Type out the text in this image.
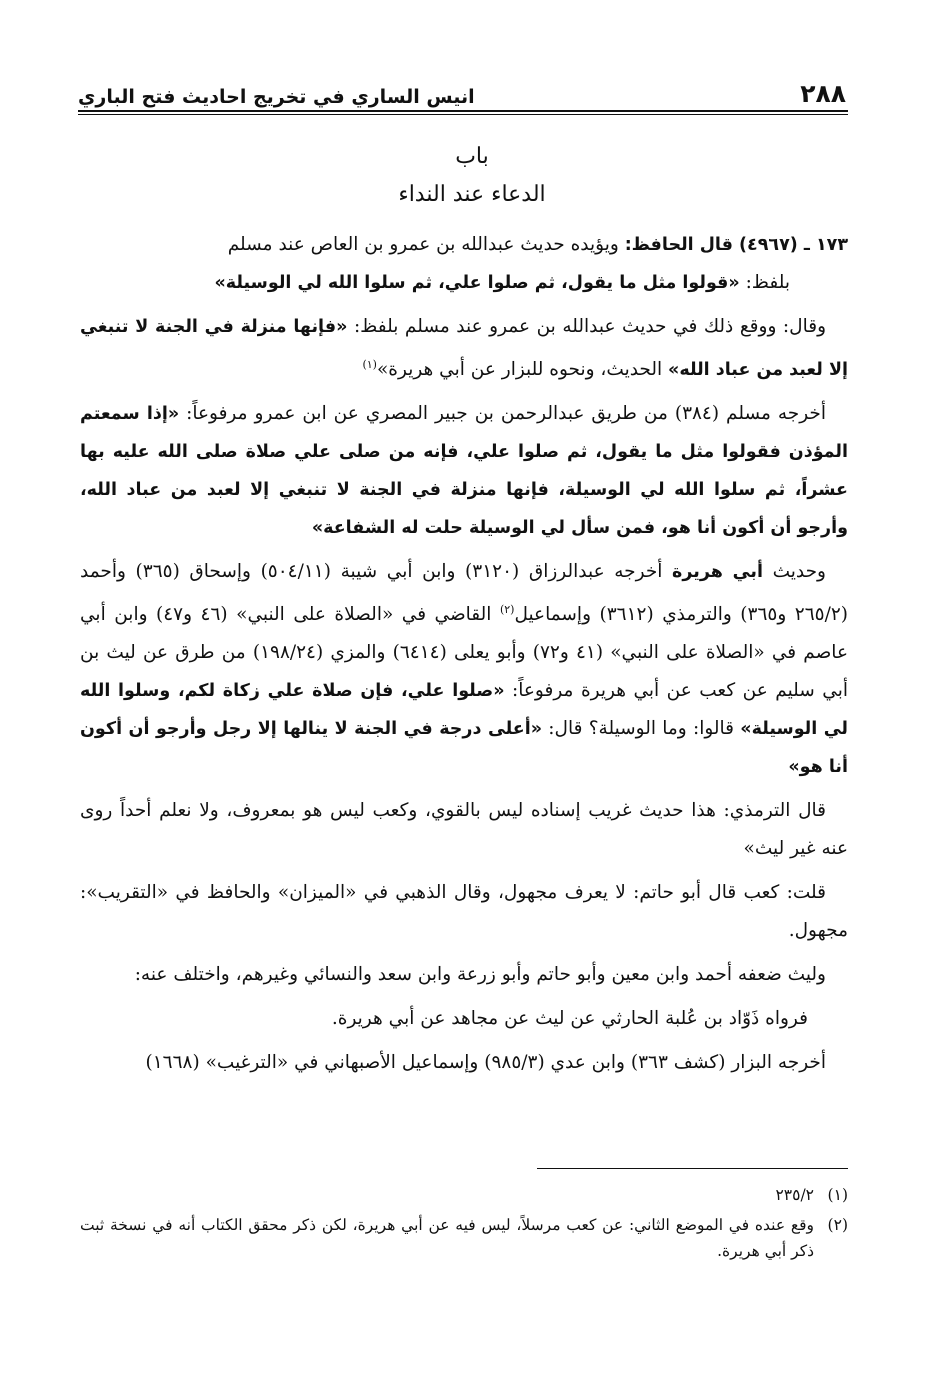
٢٨٨
انيس الساري في تخريج احاديث فتح الباري
باب
الدعاء عند النداء

١٧٣ ـ (٤٩٦٧) قال الحافظ: ويؤيده حديث عبدالله بن عمرو بن العاص عند مسلم
بلفظ: «قولوا مثل ما يقول، ثم صلوا علي، ثم سلوا الله لي الوسيلة»

وقال: ووقع ذلك في حديث عبدالله بن عمرو عند مسلم بلفظ: «فإنها منزلة في الجنة لا تنبغي إلا لعبد من عباد الله» الحديث، ونحوه للبزار عن أبي هريرة»$^{(١)}$

أخرجه مسلم (٣٨٤) من طريق عبدالرحمن بن جبير المصري عن ابن عمرو مرفوعاً: «إذا سمعتم المؤذن فقولوا مثل ما يقول، ثم صلوا علي، فإنه من صلى علي صلاة صلى الله عليه بها عشراً، ثم سلوا الله لي الوسيلة، فإنها منزلة في الجنة لا تنبغي إلا لعبد من عباد الله، وأرجو أن أكون أنا هو، فمن سأل لي الوسيلة حلت له الشفاعة»

وحديث أبي هريرة أخرجه عبدالرزاق (٣١٢٠) وابن أبي شيبة (٥٠٤/١١) وإسحاق (٣٦٥) وأحمد (٢٦٥/٢ و٣٦٥) والترمذي (٣٦١٢) وإسماعيل$^{(٢)}$ القاضي في «الصلاة على النبي» (٤٦ و٤٧) وابن أبي عاصم في «الصلاة على النبي» (٤١ و٧٢) وأبو يعلى (٦٤١٤) والمزي (١٩٨/٢٤) من طرق عن ليث بن أبي سليم عن كعب عن أبي هريرة مرفوعاً: «صلوا علي، فإن صلاة علي زكاة لكم، وسلوا الله لي الوسيلة» قالوا: وما الوسيلة؟ قال: «أعلى درجة في الجنة لا ينالها إلا رجل وأرجو أن أكون أنا هو»

قال الترمذي: هذا حديث غريب إسناده ليس بالقوي، وكعب ليس هو بمعروف، ولا نعلم أحداً روى عنه غير ليث»

قلت: كعب قال أبو حاتم: لا يعرف مجهول، وقال الذهبي في «الميزان» والحافظ في «التقريب»: مجهول.

وليث ضعفه أحمد وابن معين وأبو حاتم وأبو زرعة وابن سعد والنسائي وغيرهم، واختلف عنه:

فرواه ذَوّاد بن عُلبة الحارثي عن ليث عن مجاهد عن أبي هريرة.

أخرجه البزار (كشف ٣٦٣) وابن عدي (٩٨٥/٣) وإسماعيل الأصبهاني في «الترغيب» (١٦٦٨)

(١)
٢٣٥/٢
(٢)
وقع عنده في الموضع الثاني: عن كعب مرسلاً، ليس فيه عن أبي هريرة، لكن ذكر محقق الكتاب أنه في نسخة ثبت ذكر أبي هريرة.
